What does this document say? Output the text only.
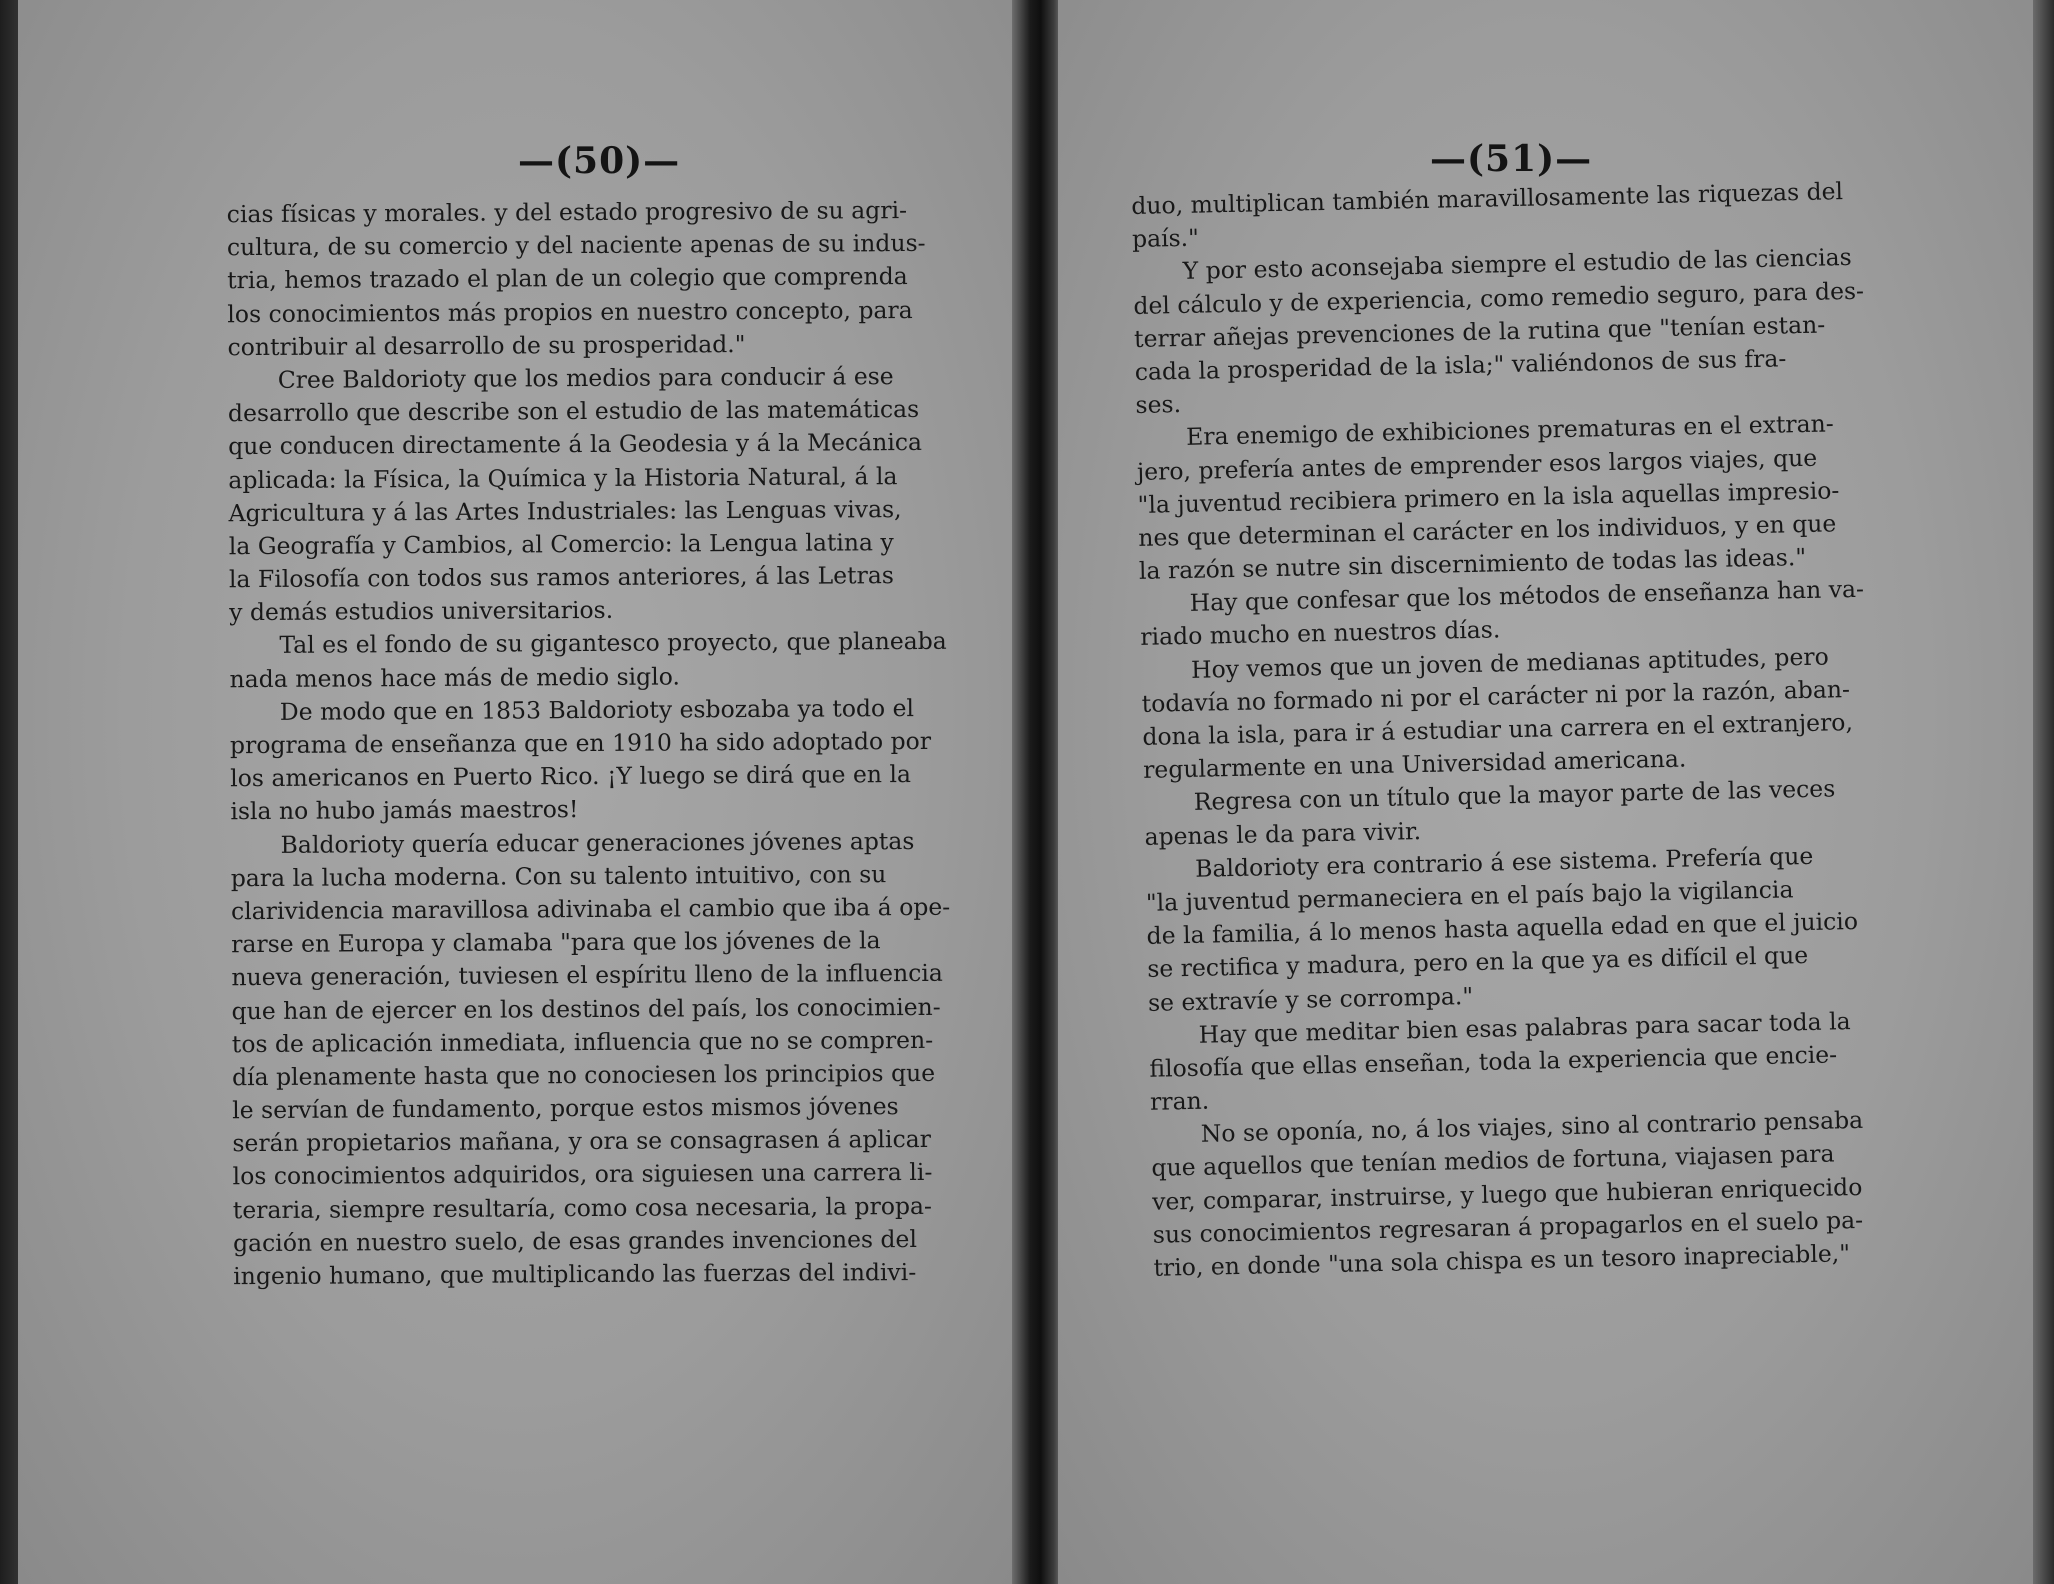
—(50)—
cias físicas y morales. y del estado progresivo de su agri-
cultura, de su comercio y del naciente apenas de su indus-
tria, hemos trazado el plan de un colegio que comprenda
los conocimientos más propios en nuestro concepto, para
contribuir al desarrollo de su prosperidad."
Cree Baldorioty que los medios para conducir á ese
desarrollo que describe son el estudio de las matemáticas
que conducen directamente á la Geodesia y á la Mecánica
aplicada: la Física, la Química y la Historia Natural, á la
Agricultura y á las Artes Industriales: las Lenguas vivas,
la Geografía y Cambios, al Comercio: la Lengua latina y
la Filosofía con todos sus ramos anteriores, á las Letras
y demás estudios universitarios.
Tal es el fondo de su gigantesco proyecto, que planeaba
nada menos hace más de medio siglo.
De modo que en 1853 Baldorioty esbozaba ya todo el
programa de enseñanza que en 1910 ha sido adoptado por
los americanos en Puerto Rico. ¡Y luego se dirá que en la
isla no hubo jamás maestros!
Baldorioty quería educar generaciones jóvenes aptas
para la lucha moderna. Con su talento intuitivo, con su
clarividencia maravillosa adivinaba el cambio que iba á ope-
rarse en Europa y clamaba "para que los jóvenes de la
nueva generación, tuviesen el espíritu lleno de la influencia
que han de ejercer en los destinos del país, los conocimien-
tos de aplicación inmediata, influencia que no se compren-
día plenamente hasta que no conociesen los principios que
le servían de fundamento, porque estos mismos jóvenes
serán propietarios mañana, y ora se consagrasen á aplicar
los conocimientos adquiridos, ora siguiesen una carrera li-
teraria, siempre resultaría, como cosa necesaria, la propa-
gación en nuestro suelo, de esas grandes invenciones del
ingenio humano, que multiplicando las fuerzas del indivi-
—(51)—
duo, multiplican también maravillosamente las riquezas del
país."
Y por esto aconsejaba siempre el estudio de las ciencias
del cálculo y de experiencia, como remedio seguro, para des-
terrar añejas prevenciones de la rutina que "tenían estan-
cada la prosperidad de la isla;" valiéndonos de sus fra-
ses.
Era enemigo de exhibiciones prematuras en el extran-
jero, prefería antes de emprender esos largos viajes, que
"la juventud recibiera primero en la isla aquellas impresio-
nes que determinan el carácter en los individuos, y en que
la razón se nutre sin discernimiento de todas las ideas."
Hay que confesar que los métodos de enseñanza han va-
riado mucho en nuestros días.
Hoy vemos que un joven de medianas aptitudes, pero
todavía no formado ni por el carácter ni por la razón, aban-
dona la isla, para ir á estudiar una carrera en el extranjero,
regularmente en una Universidad americana.
Regresa con un título que la mayor parte de las veces
apenas le da para vivir.
Baldorioty era contrario á ese sistema. Prefería que
"la juventud permaneciera en el país bajo la vigilancia
de la familia, á lo menos hasta aquella edad en que el juicio
se rectifica y madura, pero en la que ya es difícil el que
se extravíe y se corrompa."
Hay que meditar bien esas palabras para sacar toda la
filosofía que ellas enseñan, toda la experiencia que encie-
rran.
No se oponía, no, á los viajes, sino al contrario pensaba
que aquellos que tenían medios de fortuna, viajasen para
ver, comparar, instruirse, y luego que hubieran enriquecido
sus conocimientos regresaran á propagarlos en el suelo pa-
trio, en donde "una sola chispa es un tesoro inapreciable,"
